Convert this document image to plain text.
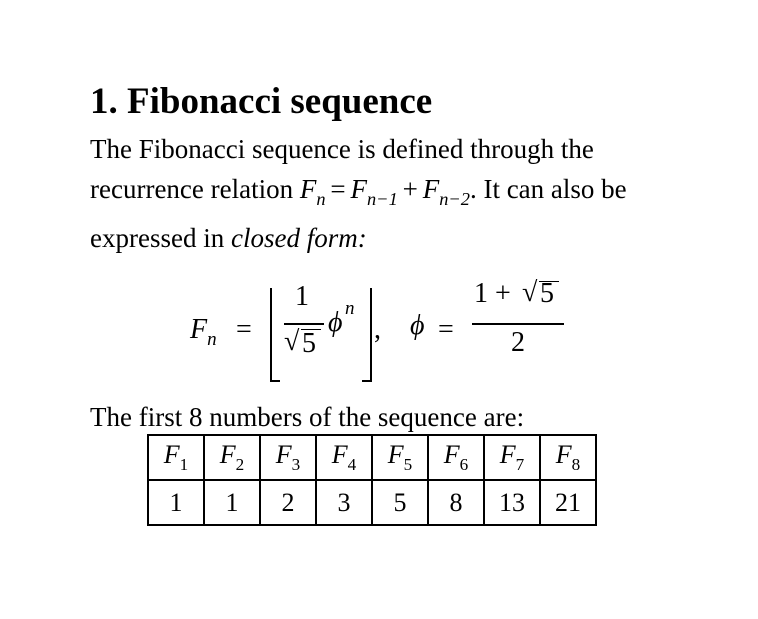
1. Fibonacci sequence

The Fibonacci sequence is defined through the recurrence relation $F_n = F_{n-1} + F_{n-2}$. It can also be expressed in closed form:

$F_n$ =
1
√ 5
ϕ n
, ϕ =
1 + √ 5
2

The first 8 numbers of the sequence are:

$F_1$	$F_2$	$F_3$	$F_4$	$F_5$	$F_6$	$F_7$	$F_8$
1	1	2	3	5	8	13	21
